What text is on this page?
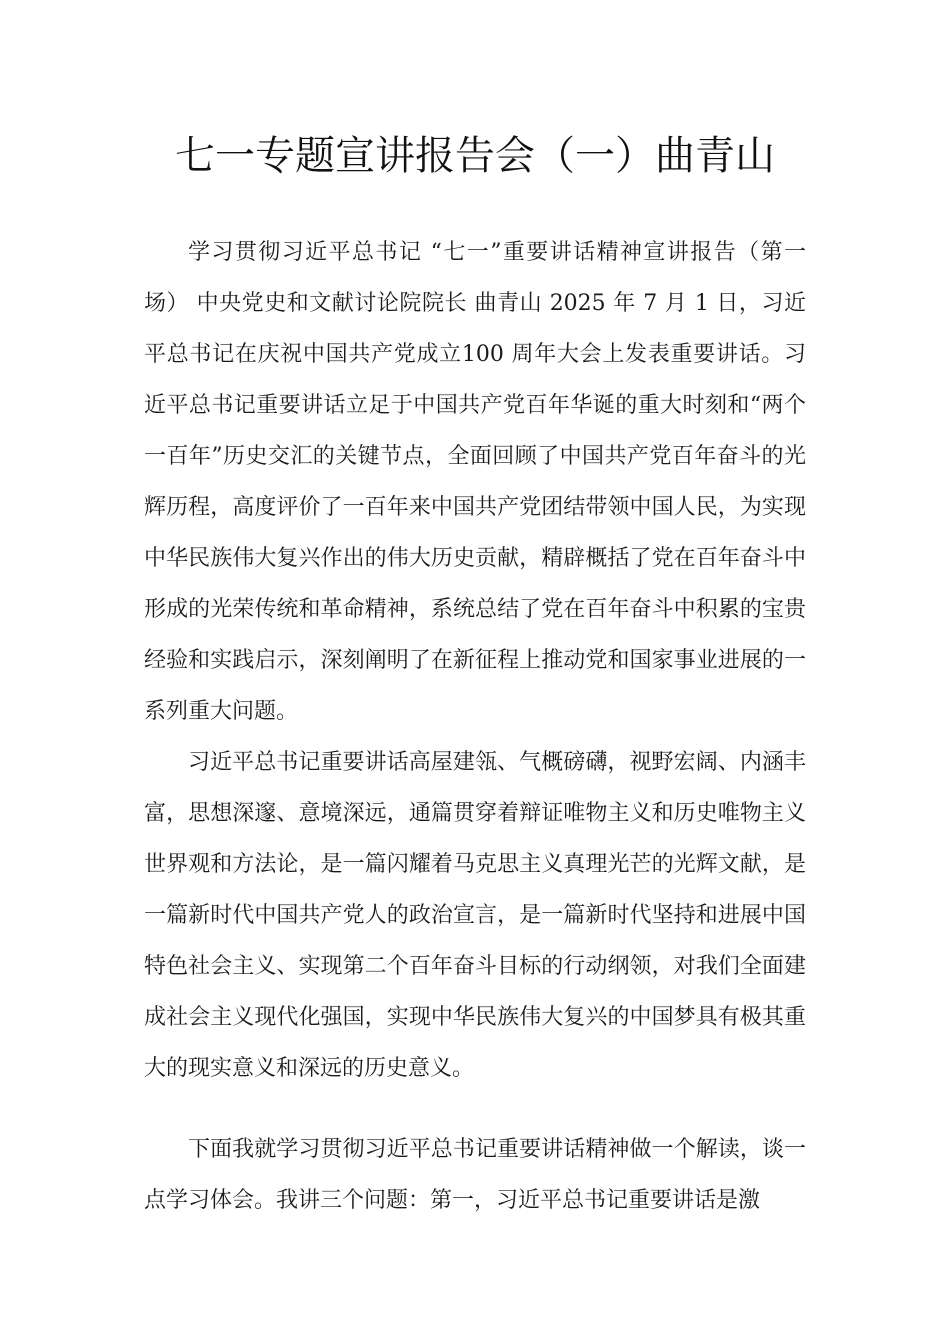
七一专题宣讲报告会（一）曲青山

学习贯彻习近平总书记 “七一”重要讲话精神宣讲报告（第一场） 中央党史和文献讨论院院长 曲青山 2025 年 7 月 1 日，习近平总书记在庆祝中国共产党成立100 周年大会上发表重要讲话。习近平总书记重要讲话立足于中国共产党百年华诞的重大时刻和“两个一百年”历史交汇的关键节点，全面回顾了中国共产党百年奋斗的光辉历程，高度评价了一百年来中国共产党团结带领中国人民，为实现中华民族伟大复兴作出的伟大历史贡献，精辟概括了党在百年奋斗中形成的光荣传统和革命精神，系统总结了党在百年奋斗中积累的宝贵经验和实践启示，深刻阐明了在新征程上推动党和国家事业进展的一系列重大问题。

习近平总书记重要讲话高屋建瓴、气概磅礴，视野宏阔、内涵丰富，思想深邃、意境深远，通篇贯穿着辩证唯物主义和历史唯物主义世界观和方法论，是一篇闪耀着马克思主义真理光芒的光辉文献，是一篇新时代中国共产党人的政治宣言，是一篇新时代坚持和进展中国特色社会主义、实现第二个百年奋斗目标的行动纲领，对我们全面建成社会主义现代化强国，实现中华民族伟大复兴的中国梦具有极其重大的现实意义和深远的历史意义。

下面我就学习贯彻习近平总书记重要讲话精神做一个解读，谈一点学习体会。我讲三个问题：第一，习近平总书记重要讲话是激
